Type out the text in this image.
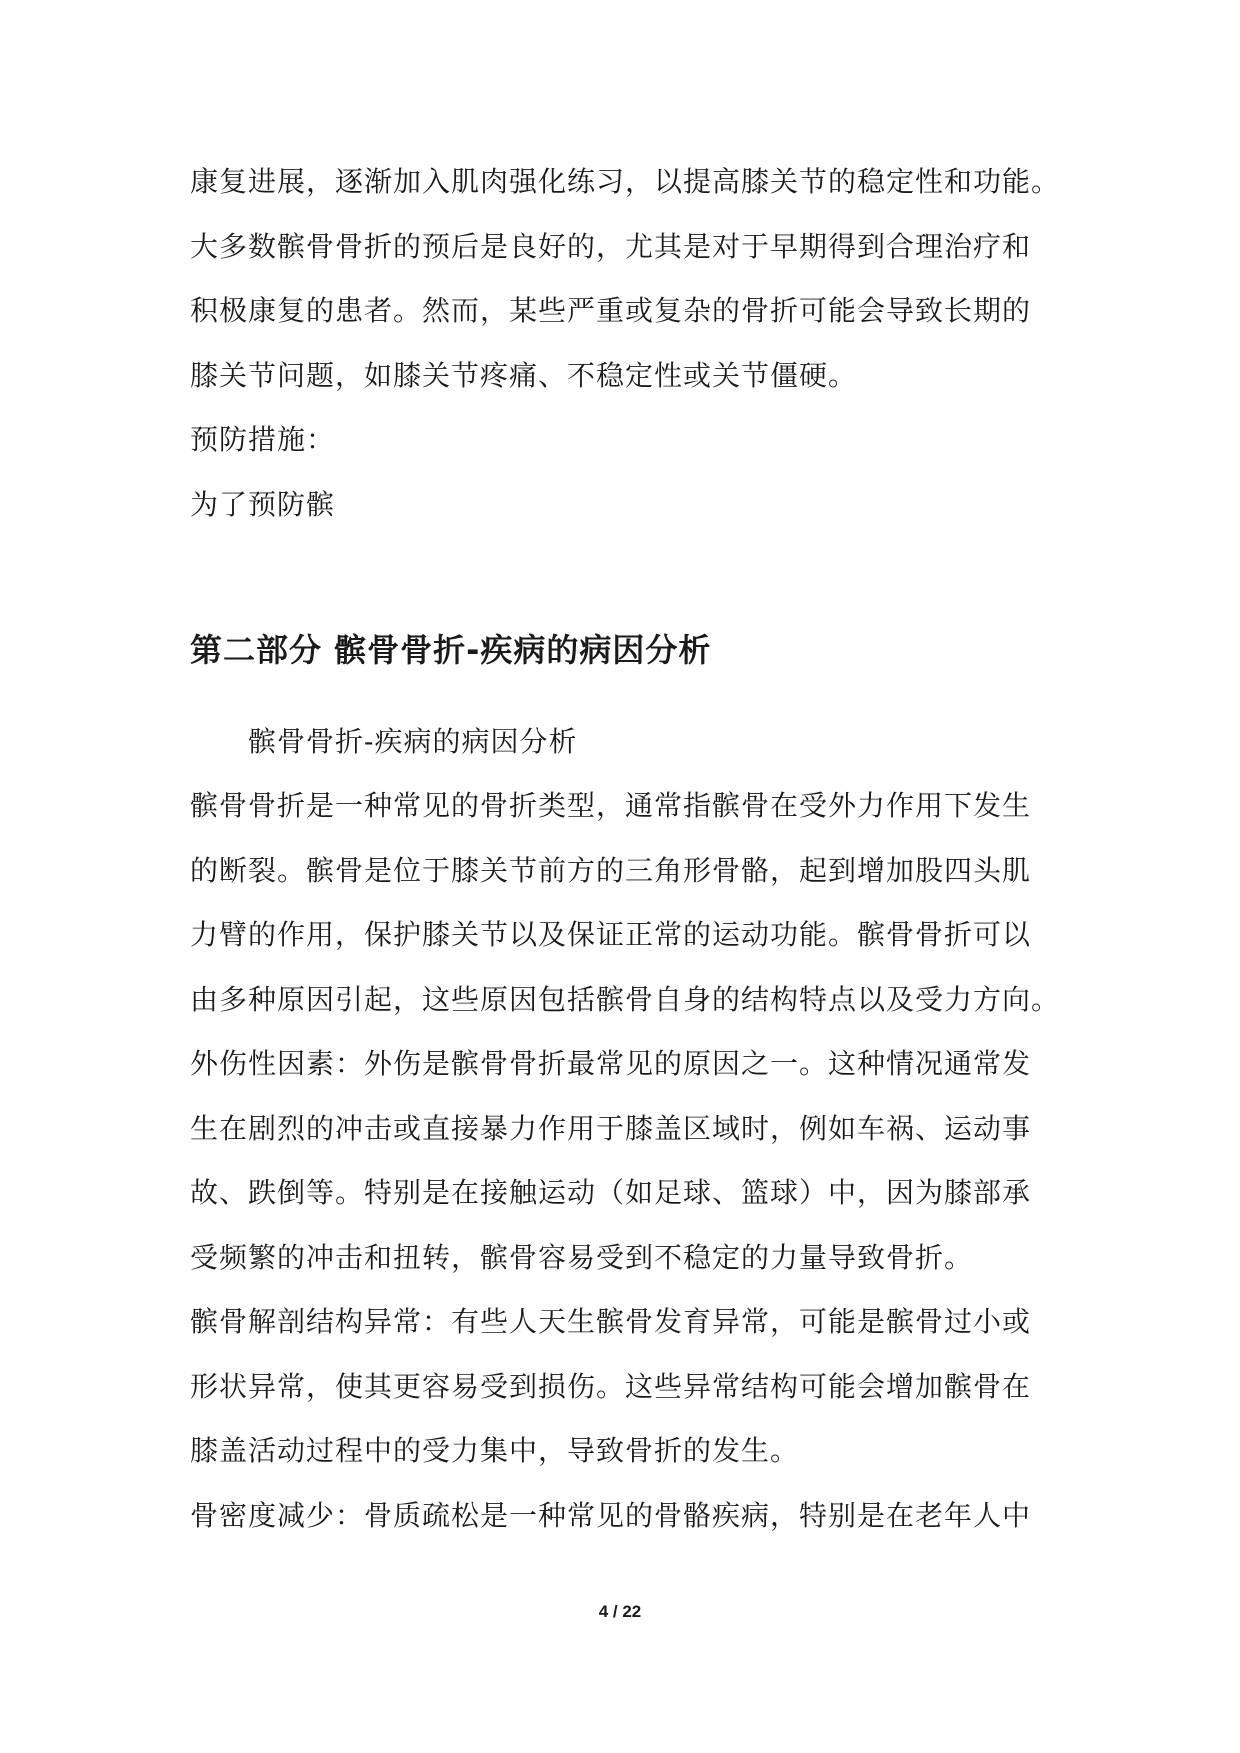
康复进展，逐渐加入肌肉强化练习，以提高膝关节的稳定性和功能。
大多数髌骨骨折的预后是良好的，尤其是对于早期得到合理治疗和
积极康复的患者。然而，某些严重或复杂的骨折可能会导致长期的
膝关节问题，如膝关节疼痛、不稳定性或关节僵硬。
预防措施：
为了预防髌
第二部分 髌骨骨折-疾病的病因分析
髌骨骨折-疾病的病因分析
髌骨骨折是一种常见的骨折类型，通常指髌骨在受外力作用下发生
的断裂。髌骨是位于膝关节前方的三角形骨骼，起到增加股四头肌
力臂的作用，保护膝关节以及保证正常的运动功能。髌骨骨折可以
由多种原因引起，这些原因包括髌骨自身的结构特点以及受力方向。
外伤性因素：外伤是髌骨骨折最常见的原因之一。这种情况通常发
生在剧烈的冲击或直接暴力作用于膝盖区域时，例如车祸、运动事
故、跌倒等。特别是在接触运动（如足球、篮球）中，因为膝部承
受频繁的冲击和扭转，髌骨容易受到不稳定的力量导致骨折。
髌骨解剖结构异常：有些人天生髌骨发育异常，可能是髌骨过小或
形状异常，使其更容易受到损伤。这些异常结构可能会增加髌骨在
膝盖活动过程中的受力集中，导致骨折的发生。
骨密度减少：骨质疏松是一种常见的骨骼疾病，特别是在老年人中
4 / 22
